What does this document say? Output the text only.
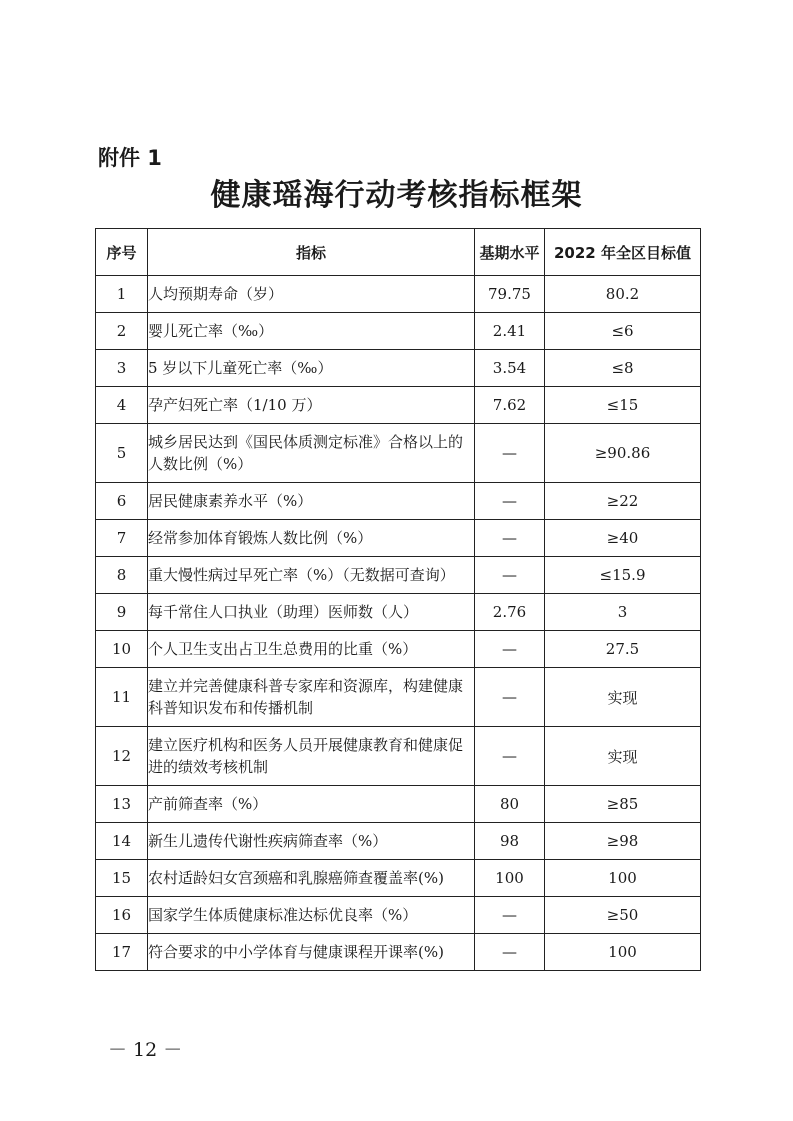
附件 1
健康瑶海行动考核指标框架
序号	指标	基期水平	2022 年全区目标值
1	人均预期寿命（岁）	79.75	80.2
2	婴儿死亡率（‰）	2.41	≤6
3	5 岁以下儿童死亡率（‰）	3.54	≤8
4	孕产妇死亡率（1/10 万）	7.62	≤15
5	城乡居民达到《国民体质测定标准》合格以上的人数比例（%）	—	≥90.86
6	居民健康素养水平（%）	—	≥22
7	经常参加体育锻炼人数比例（%）	—	≥40
8	重大慢性病过早死亡率（%）（无数据可查询）	—	≤15.9
9	每千常住人口执业（助理）医师数（人）	2.76	3
10	个人卫生支出占卫生总费用的比重（%）	—	27.5
11	建立并完善健康科普专家库和资源库，构建健康科普知识发布和传播机制	—	实现
12	建立医疗机构和医务人员开展健康教育和健康促进的绩效考核机制	—	实现
13	产前筛查率（%）	80	≥85
14	新生儿遗传代谢性疾病筛查率（%）	98	≥98
15	农村适龄妇女宫颈癌和乳腺癌筛查覆盖率(%)	100	100
16	国家学生体质健康标准达标优良率（%）	—	≥50
17	符合要求的中小学体育与健康课程开课率(%)	—	100
－ 12 －
